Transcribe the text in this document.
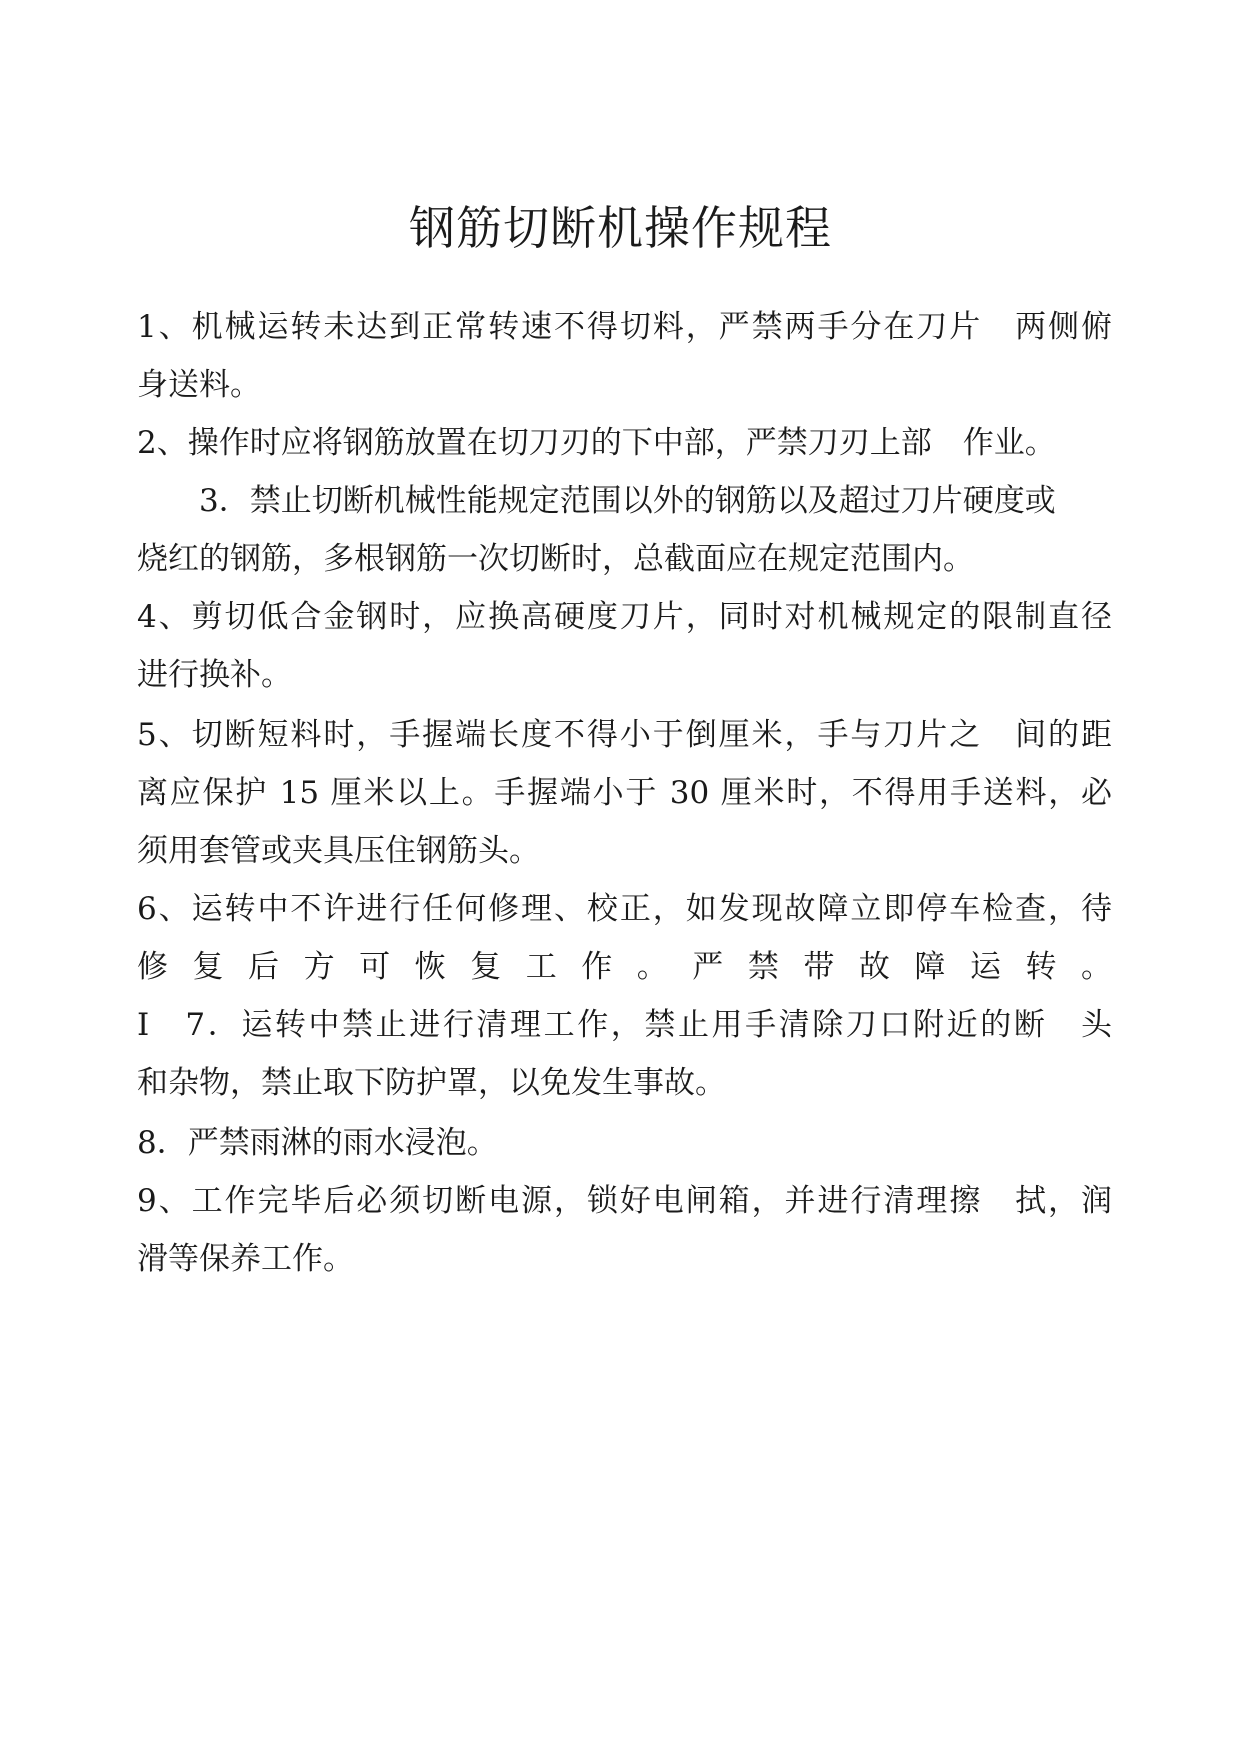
钢筋切断机操作规程

1、机械运转未达到正常转速不得切料，严禁两手分在刀片　两侧俯

身送料。

2、操作时应将钢筋放置在切刀刃的下中部，严禁刀刃上部　作业。

　　3．禁止切断机械性能规定范围以外的钢筋以及超过刀片硬度或

烧红的钢筋，多根钢筋一次切断时，总截面应在规定范围内。

4、剪切低合金钢时，应换高硬度刀片，同时对机械规定的限制直径

进行换补。

5、切断短料时，手握端长度不得小于倒厘米，手与刀片之　间的距

离应保护 15 厘米以上。手握端小于 30 厘米时，不得用手送料，必

须用套管或夹具压住钢筋头。

6、运转中不许进行任何修理、校正，如发现故障立即停车检查，待

修复后方可恢复工作。严禁带故障运转。

I　7．运转中禁止进行清理工作，禁止用手清除刀口附近的断　头

和杂物，禁止取下防护罩，以免发生事故。

8．严禁雨淋的雨水浸泡。

9、工作完毕后必须切断电源，锁好电闸箱，并进行清理擦　拭，润

滑等保养工作。
